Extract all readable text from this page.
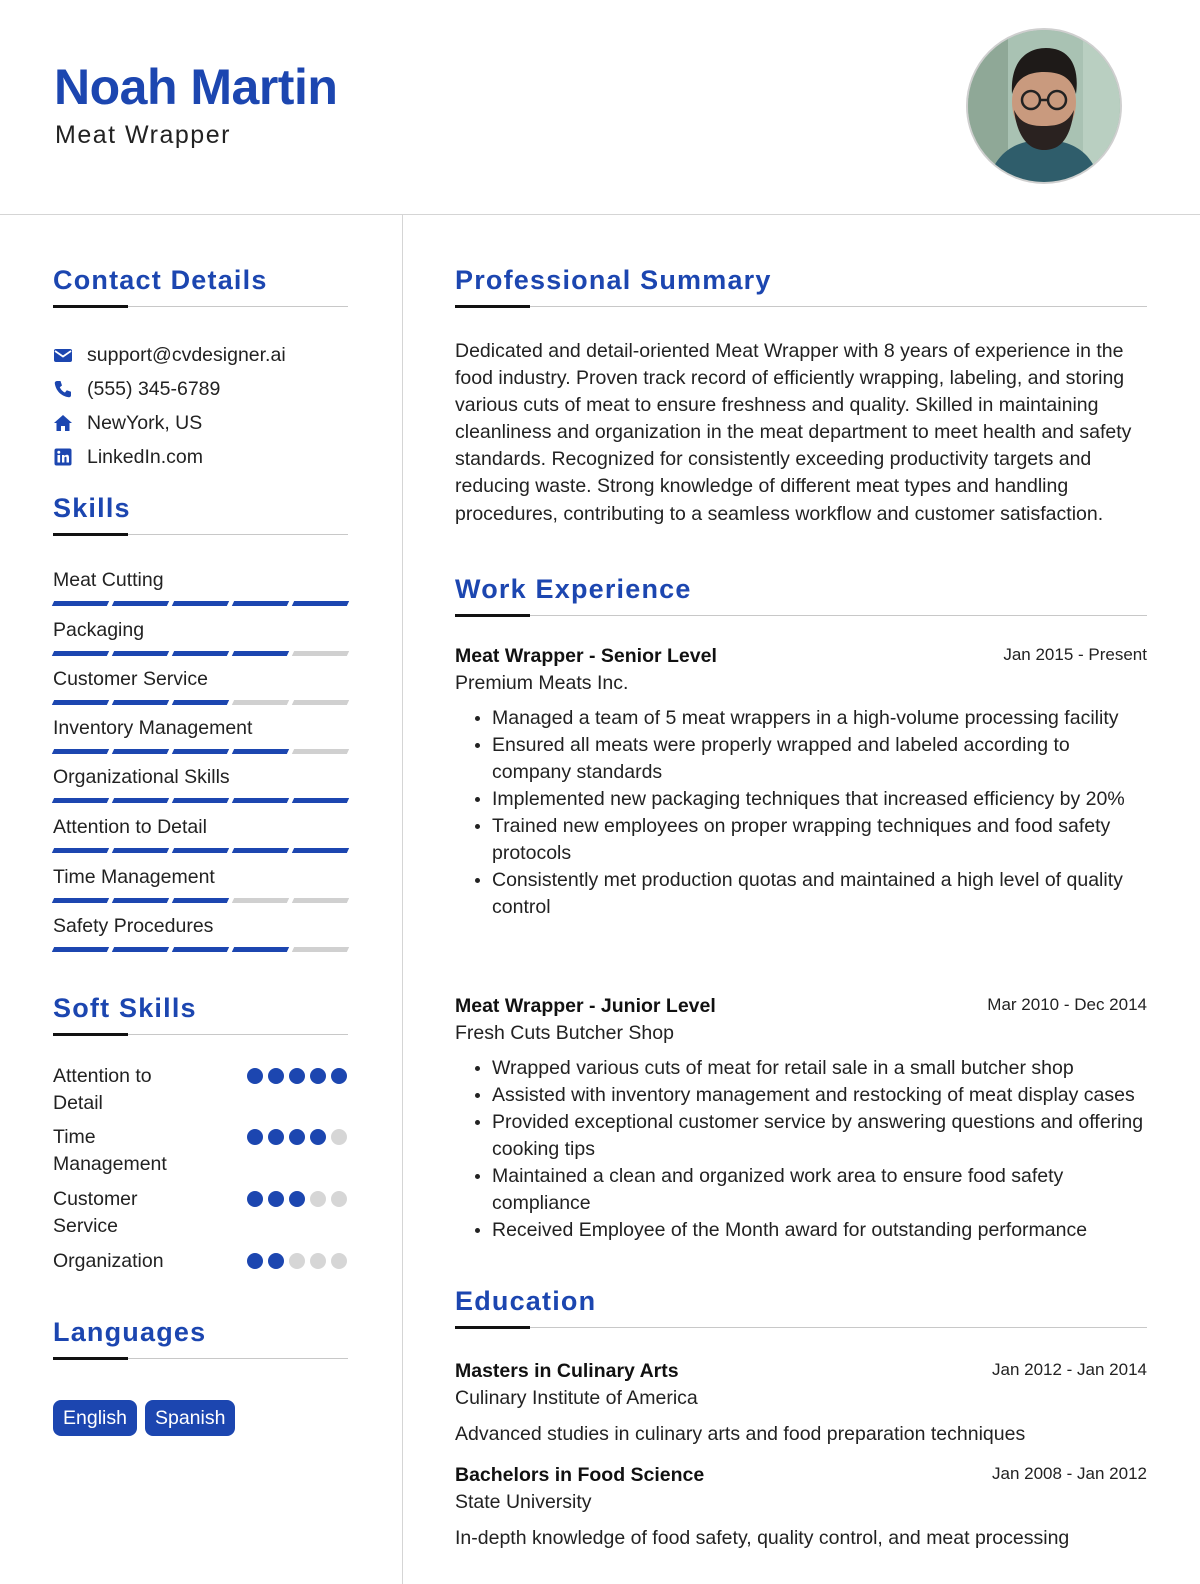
Noah Martin
Meat Wrapper
Contact Details
support@cvdesigner.ai
(555) 345-6789
NewYork, US
LinkedIn.com
Skills
Meat Cutting
Packaging
Customer Service
Inventory Management
Organizational Skills
Attention to Detail
Time Management
Safety Procedures
Soft Skills
Attention to Detail
Time Management
Customer Service
Organization
Languages
English	Spanish
Professional Summary
Dedicated and detail-oriented Meat Wrapper with 8 years of experience in the food industry. Proven track record of efficiently wrapping, labeling, and storing various cuts of meat to ensure freshness and quality. Skilled in maintaining cleanliness and organization in the meat department to meet health and safety standards. Recognized for consistently exceeding productivity targets and reducing waste. Strong knowledge of different meat types and handling procedures, contributing to a seamless workflow and customer satisfaction.
Work Experience
Meat Wrapper - Senior Level	Jan 2015 - Present
Premium Meats Inc.
• Managed a team of 5 meat wrappers in a high-volume processing facility
• Ensured all meats were properly wrapped and labeled according to company standards
• Implemented new packaging techniques that increased efficiency by 20%
• Trained new employees on proper wrapping techniques and food safety protocols
• Consistently met production quotas and maintained a high level of quality control
Meat Wrapper - Junior Level	Mar 2010 - Dec 2014
Fresh Cuts Butcher Shop
• Wrapped various cuts of meat for retail sale in a small butcher shop
• Assisted with inventory management and restocking of meat display cases
• Provided exceptional customer service by answering questions and offering cooking tips
• Maintained a clean and organized work area to ensure food safety compliance
• Received Employee of the Month award for outstanding performance
Education
Masters in Culinary Arts	Jan 2012 - Jan 2014
Culinary Institute of America
Advanced studies in culinary arts and food preparation techniques
Bachelors in Food Science	Jan 2008 - Jan 2012
State University
In-depth knowledge of food safety, quality control, and meat processing
